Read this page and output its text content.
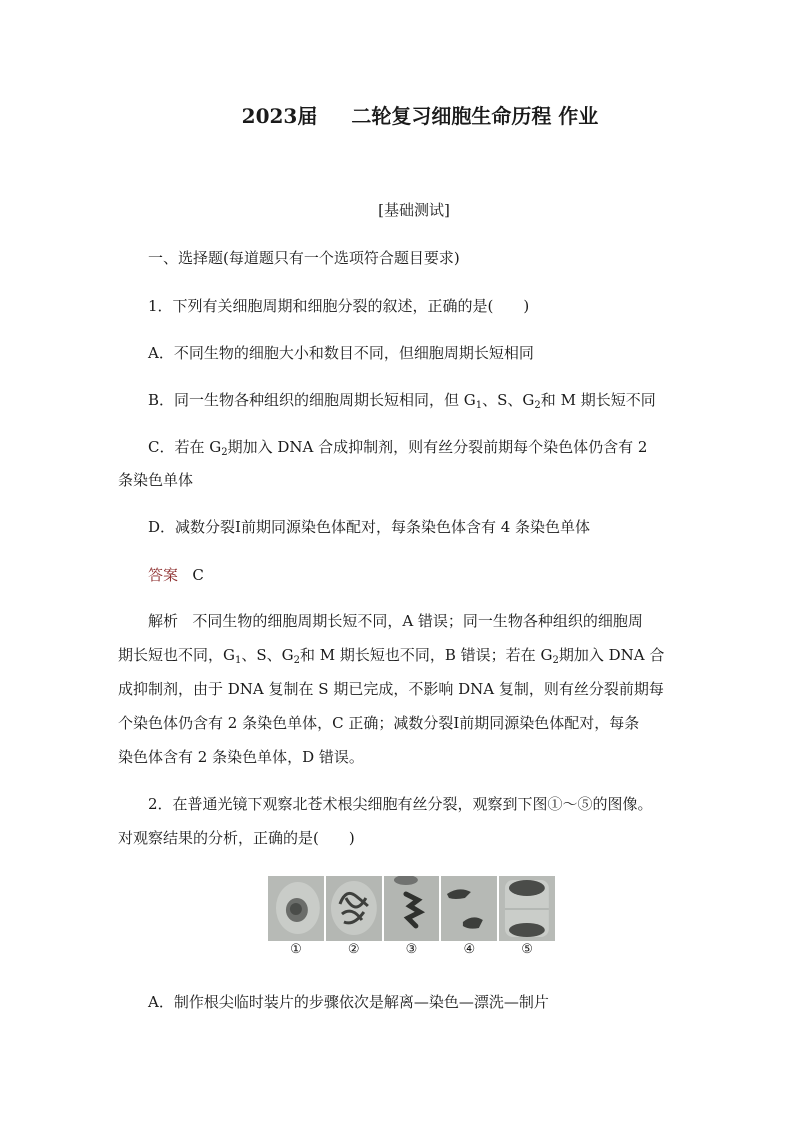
2023届 二轮复习细胞生命历程 作业
[基础测试]
一、选择题(每道题只有一个选项符合题目要求)
1．下列有关细胞周期和细胞分裂的叙述，正确的是(　　)
A．不同生物的细胞大小和数目不同，但细胞周期长短相同
B．同一生物各种组织的细胞周期长短相同，但 $G_1$、S、$G_2$和 M 期长短不同
C．若在 $G_2$期加入 DNA 合成抑制剂，则有丝分裂前期每个染色体仍含有 2
条染色单体
D．减数分裂Ⅰ前期同源染色体配对，每条染色体含有 4 条染色单体
答案 C
解析 不同生物的细胞周期长短不同，A 错误；同一生物各种组织的细胞周
期长短也不同，$G_1$、S、$G_2$和 M 期长短也不同，B 错误；若在 $G_2$期加入 DNA 合
成抑制剂，由于 DNA 复制在 S 期已完成，不影响 DNA 复制，则有丝分裂前期每
个染色体仍含有 2 条染色单体，C 正确；减数分裂Ⅰ前期同源染色体配对，每条
染色体含有 2 条染色单体，D 错误。
2．在普通光镜下观察北苍术根尖细胞有丝分裂，观察到下图①～⑤的图像。
对观察结果的分析，正确的是(　　)
①	②	③	④	⑤
A．制作根尖临时装片的步骤依次是解离—染色—漂洗—制片
